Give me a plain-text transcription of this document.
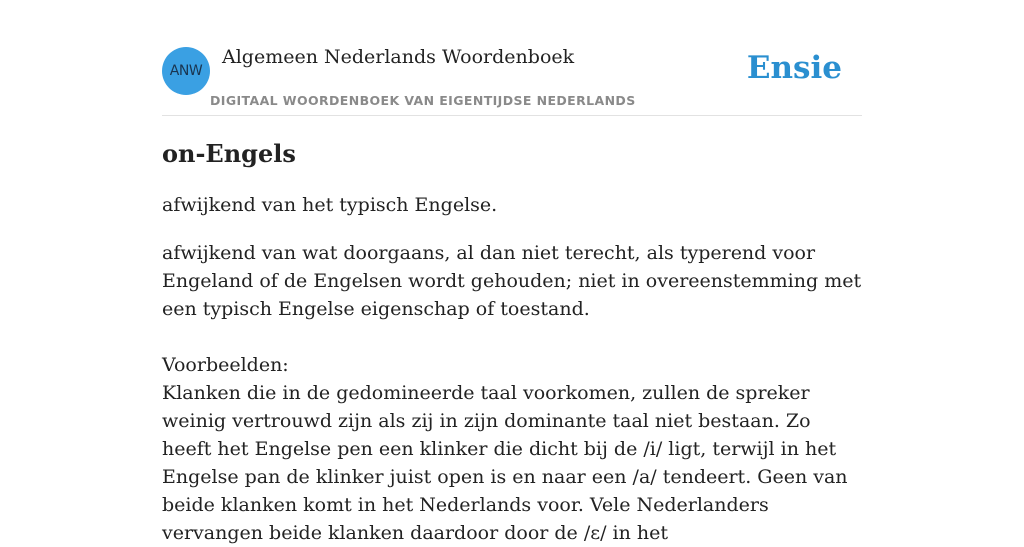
ANW
Algemeen Nederlands Woordenboek
DIGITAAL WOORDENBOEK VAN EIGENTIJDSE NEDERLANDS
Ensie
on-Engels

afwijkend van het typisch Engelse.

afwijkend van wat doorgaans, al dan niet terecht, als typerend voor Engeland of de Engelsen wordt gehouden; niet in overeenstemming met een typisch Engelse eigenschap of toestand.

Voorbeelden:

Klanken die in de gedomineerde taal voorkomen, zullen de spreker weinig vertrouwd zijn als zij in zijn dominante taal niet bestaan. Zo heeft het Engelse pen een klinker die dicht bij de /i/ ligt, terwijl in het Engelse pan de klinker juist open is en naar een /a/ tendeert. Geen van beide klanken komt in het Nederlands voor. Vele Nederlanders vervangen beide klanken daardoor door de /ɛ/ in het
